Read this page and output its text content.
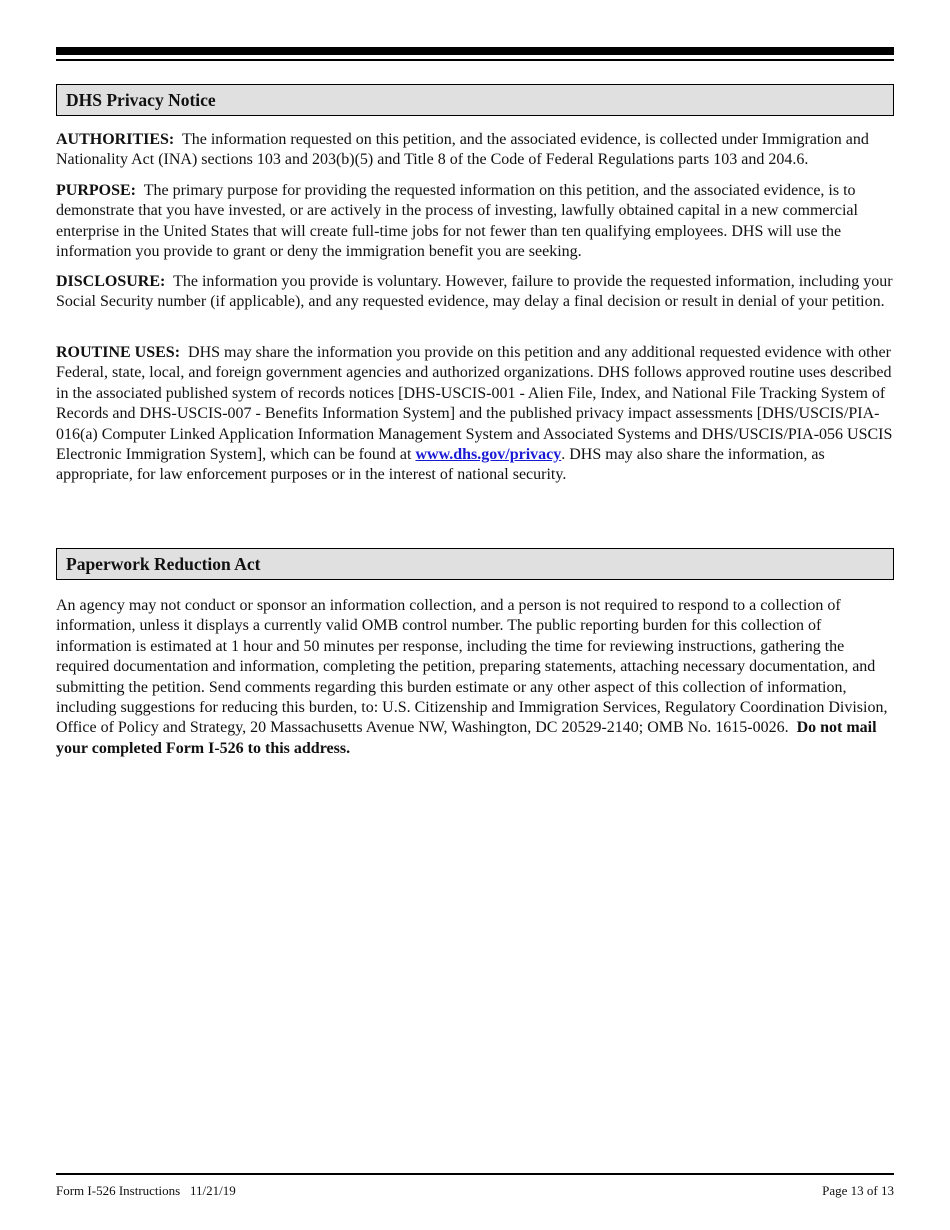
DHS Privacy Notice

AUTHORITIES: The information requested on this petition, and the associated evidence, is collected under Immigration and Nationality Act (INA) sections 103 and 203(b)(5) and Title 8 of the Code of Federal Regulations parts 103 and 204.6.

PURPOSE: The primary purpose for providing the requested information on this petition, and the associated evidence, is to demonstrate that you have invested, or are actively in the process of investing, lawfully obtained capital in a new commercial enterprise in the United States that will create full-time jobs for not fewer than ten qualifying employees. DHS will use the information you provide to grant or deny the immigration benefit you are seeking.

DISCLOSURE: The information you provide is voluntary. However, failure to provide the requested information, including your Social Security number (if applicable), and any requested evidence, may delay a final decision or result in denial of your petition.

ROUTINE USES: DHS may share the information you provide on this petition and any additional requested evidence with other Federal, state, local, and foreign government agencies and authorized organizations. DHS follows approved routine uses described in the associated published system of records notices [DHS-USCIS-001 - Alien File, Index, and National File Tracking System of Records and DHS-USCIS-007 - Benefits Information System] and the published privacy impact assessments [DHS/USCIS/PIA-016(a) Computer Linked Application Information Management System and Associated Systems and DHS/USCIS/PIA-056 USCIS Electronic Immigration System], which can be found at www.dhs.gov/privacy. DHS may also share the information, as appropriate, for law enforcement purposes or in the interest of national security.

Paperwork Reduction Act

An agency may not conduct or sponsor an information collection, and a person is not required to respond to a collection of information, unless it displays a currently valid OMB control number. The public reporting burden for this collection of information is estimated at 1 hour and 50 minutes per response, including the time for reviewing instructions, gathering the required documentation and information, completing the petition, preparing statements, attaching necessary documentation, and submitting the petition. Send comments regarding this burden estimate or any other aspect of this collection of information, including suggestions for reducing this burden, to: U.S. Citizenship and Immigration Services, Regulatory Coordination Division, Office of Policy and Strategy, 20 Massachusetts Avenue NW, Washington, DC 20529-2140; OMB No. 1615-0026. Do not mail your completed Form I-526 to this address.

Form I-526 Instructions   11/21/19	Page 13 of 13
